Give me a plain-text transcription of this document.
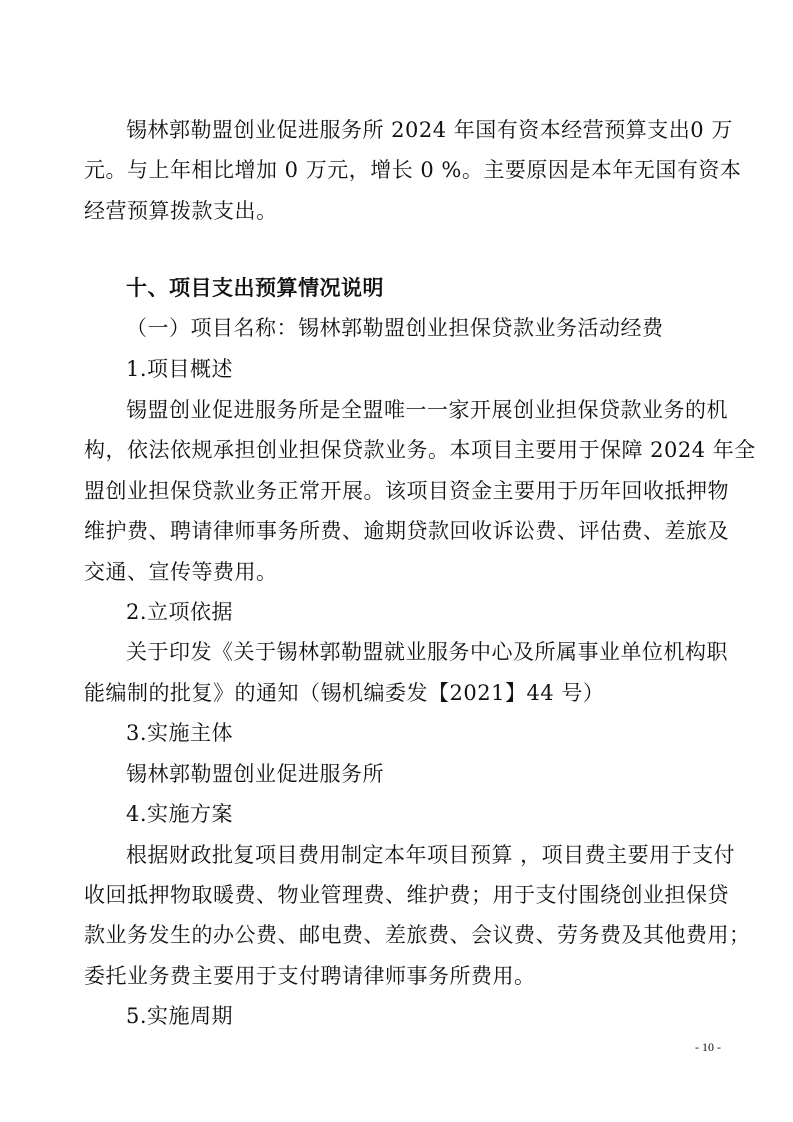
锡林郭勒盟创业促进服务所 2024 年国有资本经营预算支出0 万
元。与上年相比增加 0 万元，增长 0 %。主要原因是本年无国有资本
经营预算拨款支出。
十、项目支出预算情况说明
（一）项目名称：锡林郭勒盟创业担保贷款业务活动经费
1.项目概述
锡盟创业促进服务所是全盟唯一一家开展创业担保贷款业务的机
构，依法依规承担创业担保贷款业务。本项目主要用于保障 2024 年全
盟创业担保贷款业务正常开展。该项目资金主要用于历年回收抵押物
维护费、聘请律师事务所费、逾期贷款回收诉讼费、评估费、差旅及
交通、宣传等费用。
2.立项依据
关于印发《关于锡林郭勒盟就业服务中心及所属事业单位机构职
能编制的批复》的通知（锡机编委发【2021】44 号）
3.实施主体
锡林郭勒盟创业促进服务所
4.实施方案
根据财政批复项目费用制定本年项目预算 ，项目费主要用于支付
收回抵押物取暖费、物业管理费、维护费；用于支付围绕创业担保贷
款业务发生的办公费、邮电费、差旅费、会议费、劳务费及其他费用；
委托业务费主要用于支付聘请律师事务所费用。
5.实施周期
- 10 -
